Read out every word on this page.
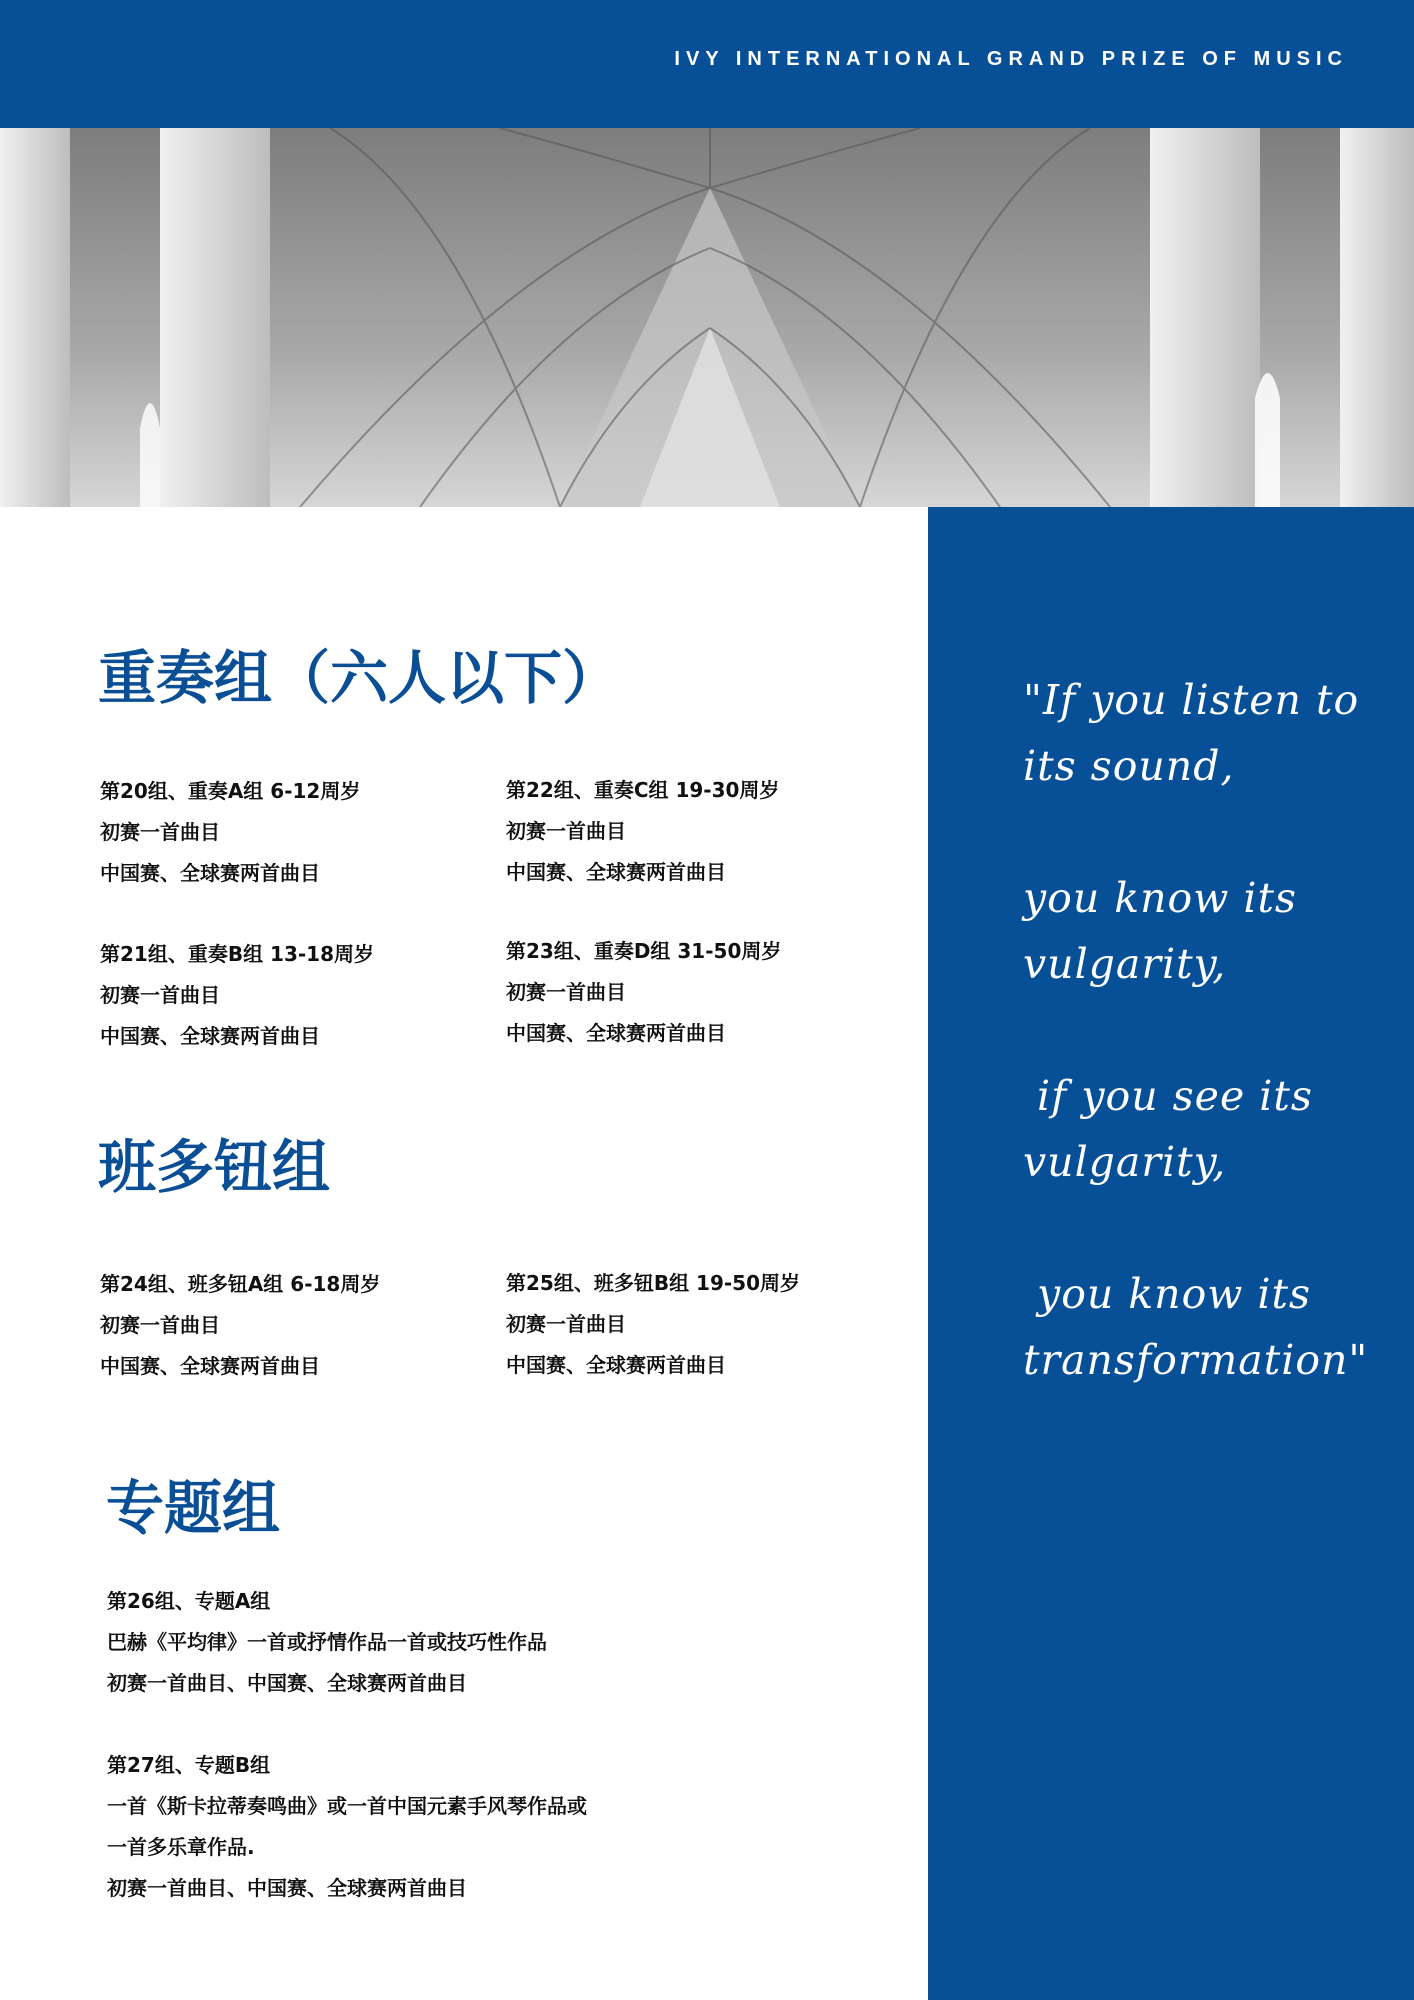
IVY INTERNATIONAL GRAND PRIZE OF MUSIC
"If you listen to
its sound,
you know its
vulgarity,
if you see its
vulgarity,
you know its
transformation"
重奏组（六人以下）
第20组、重奏A组 6-12周岁
初赛一首曲目
中国赛、全球赛两首曲目
第22组、重奏C组 19-30周岁
初赛一首曲目
中国赛、全球赛两首曲目
第21组、重奏B组 13-18周岁
初赛一首曲目
中国赛、全球赛两首曲目
第23组、重奏D组 31-50周岁
初赛一首曲目
中国赛、全球赛两首曲目
班多钮组
第24组、班多钮A组 6-18周岁
初赛一首曲目
中国赛、全球赛两首曲目
第25组、班多钮B组 19-50周岁
初赛一首曲目
中国赛、全球赛两首曲目
专题组
第26组、专题A组
巴赫《平均律》一首或抒情作品一首或技巧性作品
初赛一首曲目、中国赛、全球赛两首曲目
第27组、专题B组
一首《斯卡拉蒂奏鸣曲》或一首中国元素手风琴作品或
一首多乐章作品.
初赛一首曲目、中国赛、全球赛两首曲目
